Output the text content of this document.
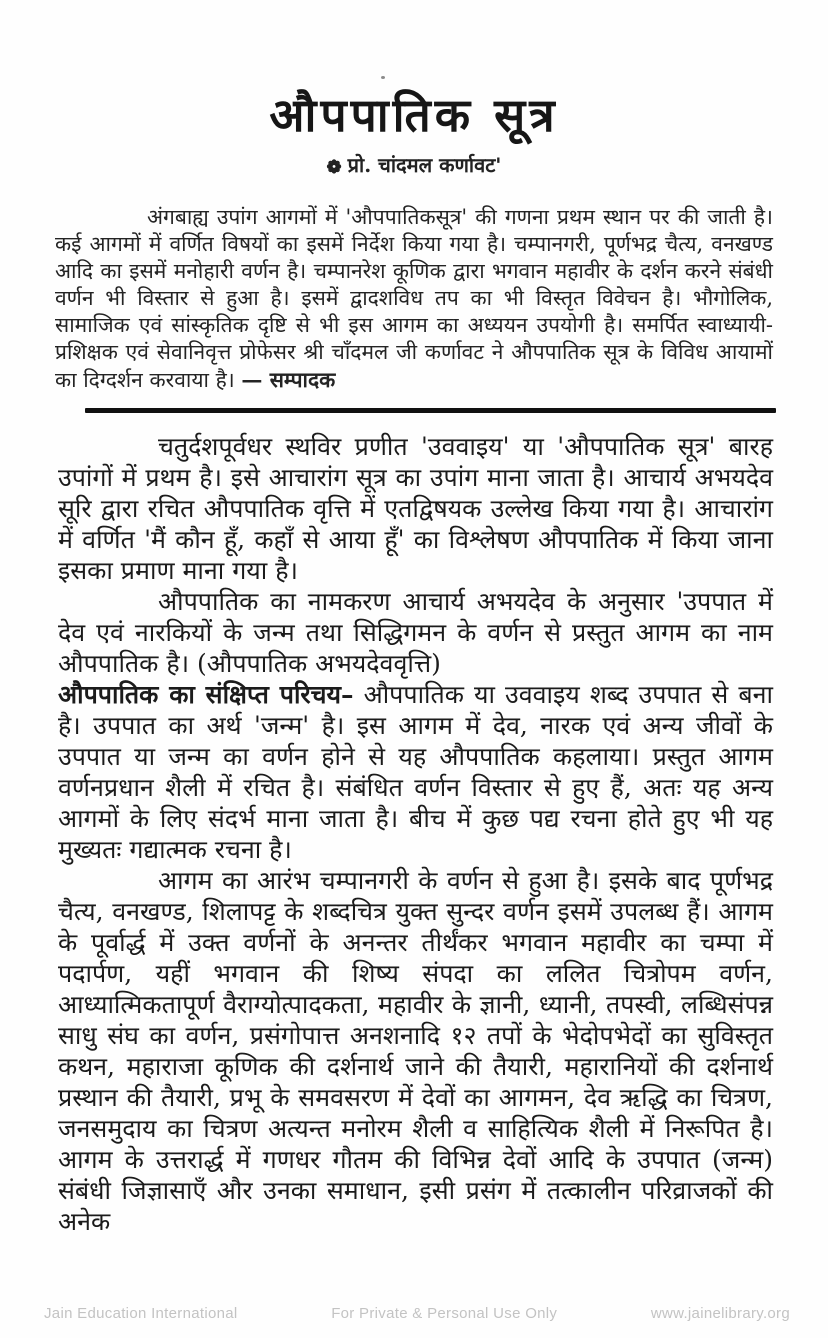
औपपातिक सूत्र
❁ प्रो. चांदमल कर्णावट'
अंगबाह्य उपांग आगमों में 'औपपातिकसूत्र' की गणना प्रथम स्थान पर की जाती है। कई आगमों में वर्णित विषयों का इसमें निर्देश किया गया है। चम्पानगरी, पूर्णभद्र चैत्य, वनखण्ड आदि का इसमें मनोहारी वर्णन है। चम्पानरेश कूणिक द्वारा भगवान महावीर के दर्शन करने संबंधी वर्णन भी विस्तार से हुआ है। इसमें द्वादशविध तप का भी विस्तृत विवेचन है। भौगोलिक, सामाजिक एवं सांस्कृतिक दृष्टि से भी इस आगम का अध्ययन उपयोगी है। समर्पित स्वाध्यायी- प्रशिक्षक एवं सेवानिवृत्त प्रोफेसर श्री चाँदमल जी कर्णावट ने औपपातिक सूत्र के विविध आयामों का दिग्दर्शन करवाया है। — सम्पादक

चतुर्दशपूर्वधर स्थविर प्रणीत 'उववाइय' या 'औपपातिक सूत्र' बारह उपांगों में प्रथम है। इसे आचारांग सूत्र का उपांग माना जाता है। आचार्य अभयदेव सूरि द्वारा रचित औपपातिक वृत्ति में एतद्विषयक उल्लेख किया गया है। आचारांग में वर्णित 'मैं कौन हूँ, कहाँ से आया हूँ' का विश्लेषण औपपातिक में किया जाना इसका प्रमाण माना गया है।

औपपातिक का नामकरण आचार्य अभयदेव के अनुसार 'उपपात में देव एवं नारकियों के जन्म तथा सिद्धिगमन के वर्णन से प्रस्तुत आगम का नाम औपपातिक है। (औपपातिक अभयदेववृत्ति)

औपपातिक का संक्षिप्त परिचय– औपपातिक या उववाइय शब्द उपपात से बना है। उपपात का अर्थ 'जन्म' है। इस आगम में देव, नारक एवं अन्य जीवों के उपपात या जन्म का वर्णन होने से यह औपपातिक कहलाया। प्रस्तुत आगम वर्णनप्रधान शैली में रचित है। संबंधित वर्णन विस्तार से हुए हैं, अतः यह अन्य आगमों के लिए संदर्भ माना जाता है। बीच में कुछ पद्य रचना होते हुए भी यह मुख्यतः गद्यात्मक रचना है।

आगम का आरंभ चम्पानगरी के वर्णन से हुआ है। इसके बाद पूर्णभद्र चैत्य, वनखण्ड, शिलापट्ट के शब्दचित्र युक्त सुन्दर वर्णन इसमें उपलब्ध हैं। आगम के पूर्वार्द्ध में उक्त वर्णनों के अनन्तर तीर्थंकर भगवान महावीर का चम्पा में पदार्पण, यहीं भगवान की शिष्य संपदा का ललित चित्रोपम वर्णन, आध्यात्मिकतापूर्ण वैराग्योत्पादकता, महावीर के ज्ञानी, ध्यानी, तपस्वी, लब्धिसंपन्न साधु संघ का वर्णन, प्रसंगोपात्त अनशनादि १२ तपों के भेदोपभेदों का सुविस्तृत कथन, महाराजा कूणिक की दर्शनार्थ जाने की तैयारी, महारानियों की दर्शनार्थ प्रस्थान की तैयारी, प्रभू के समवसरण में देवों का आगमन, देव ऋद्धि का चित्रण, जनसमुदाय का चित्रण अत्यन्त मनोरम शैली व साहित्यिक शैली में निरूपित है। आगम के उत्तरार्द्ध में गणधर गौतम की विभिन्न देवों आदि के उपपात (जन्म) संबंधी जिज्ञासाएँ और उनका समाधान, इसी प्रसंग में तत्कालीन परिव्राजकों की अनेक

Jain Education International	For Private & Personal Use Only	www.jainelibrary.org
